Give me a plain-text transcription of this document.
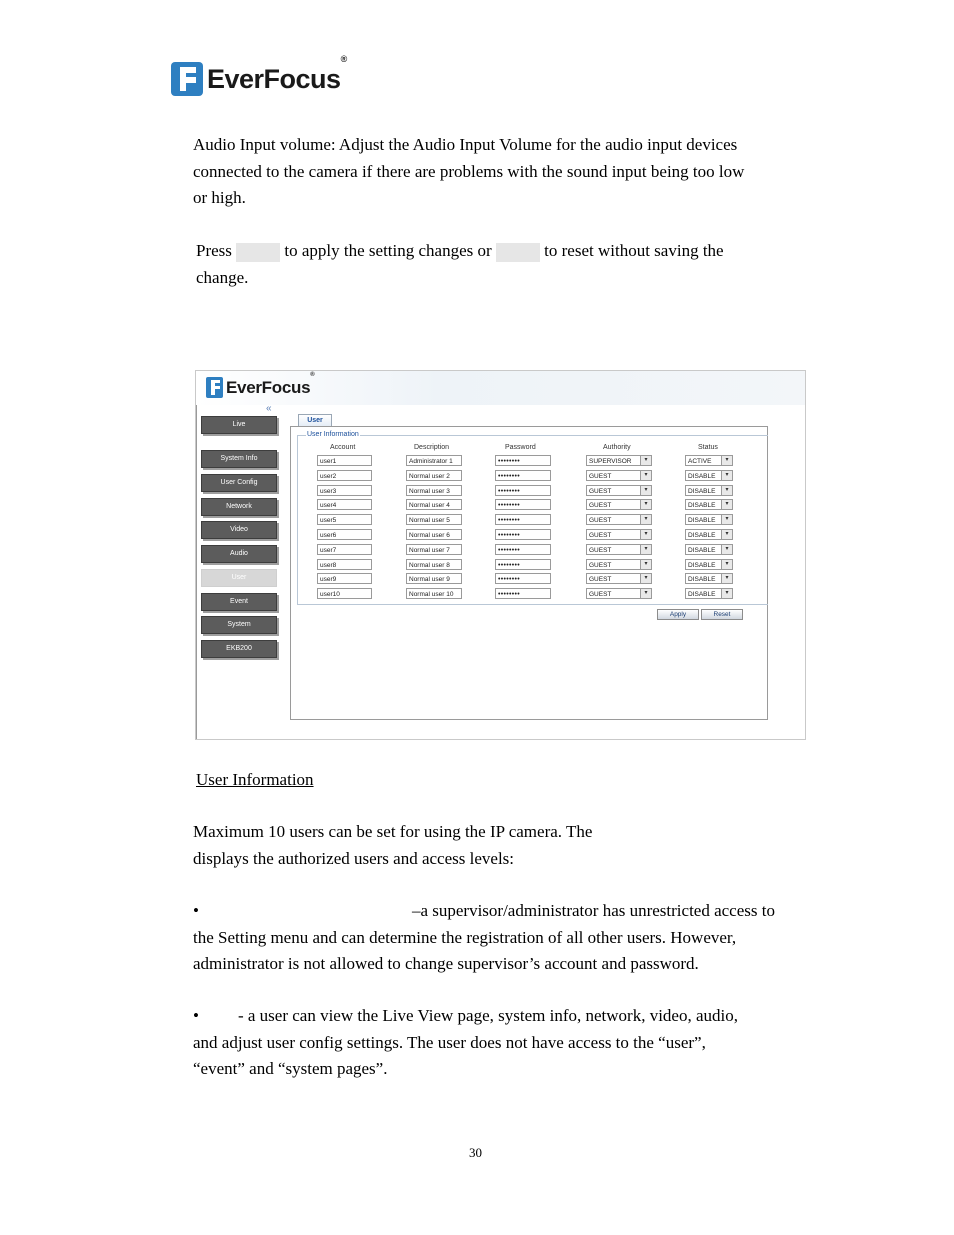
EverFocus®
Audio Input volume: Adjust the Audio Input Volume for the audio input devices
connected to the camera if there are problems with the sound input being too low
or high.
Press	to apply the setting changes or	to reset without saving the
change.
EverFocus®
«
Live
System Info
User Config
Network
Video
Audio
User
Event
System
EKB200
User
User Information
Account	Description	Password	Authority	Status
user1	Administrator 1	••••••••	SUPERVISOR	▾	ACTIVE	▾
user2	Normal user 2	••••••••	GUEST	▾	DISABLE	▾
user3	Normal user 3	••••••••	GUEST	▾	DISABLE	▾
user4	Normal user 4	••••••••	GUEST	▾	DISABLE	▾
user5	Normal user 5	••••••••	GUEST	▾	DISABLE	▾
user6	Normal user 6	••••••••	GUEST	▾	DISABLE	▾
user7	Normal user 7	••••••••	GUEST	▾	DISABLE	▾
user8	Normal user 8	••••••••	GUEST	▾	DISABLE	▾
user9	Normal user 9	••••••••	GUEST	▾	DISABLE	▾
user10	Normal user 10	••••••••	GUEST	▾	DISABLE	▾
Apply	Reset
User Information
Maximum 10 users can be set for using the IP camera. The
displays the authorized users and access levels:
•	–a supervisor/administrator has unrestricted access to
the Setting menu and can determine the registration of all other users. However,
administrator is not allowed to change supervisor’s account and password.
• - a user can view the Live View page, system info, network, video, audio,
and adjust user config settings. The user does not have access to the “user”,
“event” and “system pages”.
30
